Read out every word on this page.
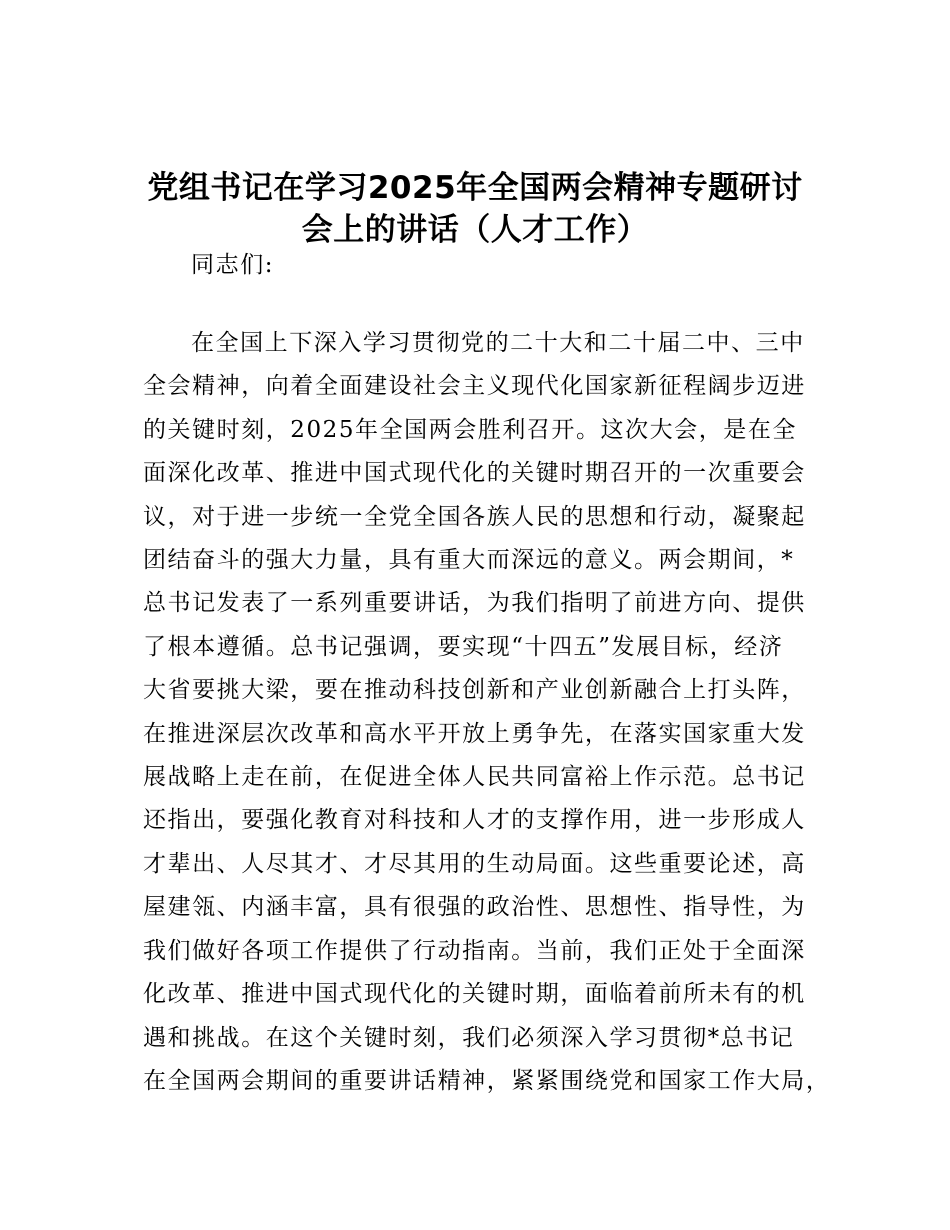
党组书记在学习2025年全国两会精神专题研讨
会上的讲话（人才工作）

同志们:

在全国上下深入学习贯彻党的二十大和二十届二中、三中
全会精神，向着全面建设社会主义现代化国家新征程阔步迈进
的关键时刻，2025年全国两会胜利召开。这次大会，是在全
面深化改革、推进中国式现代化的关键时期召开的一次重要会
议，对于进一步统一全党全国各族人民的思想和行动，凝聚起
团结奋斗的强大力量，具有重大而深远的意义。两会期间，*
总书记发表了一系列重要讲话，为我们指明了前进方向、提供
了根本遵循。总书记强调，要实现“十四五”发展目标，经济
大省要挑大梁，要在推动科技创新和产业创新融合上打头阵，
在推进深层次改革和高水平开放上勇争先，在落实国家重大发
展战略上走在前，在促进全体人民共同富裕上作示范。总书记
还指出，要强化教育对科技和人才的支撑作用，进一步形成人
才辈出、人尽其才、才尽其用的生动局面。这些重要论述，高
屋建瓴、内涵丰富，具有很强的政治性、思想性、指导性，为
我们做好各项工作提供了行动指南。当前，我们正处于全面深
化改革、推进中国式现代化的关键时期，面临着前所未有的机
遇和挑战。在这个关键时刻，我们必须深入学习贯彻*总书记
在全国两会期间的重要讲话精神，紧紧围绕党和国家工作大局，
